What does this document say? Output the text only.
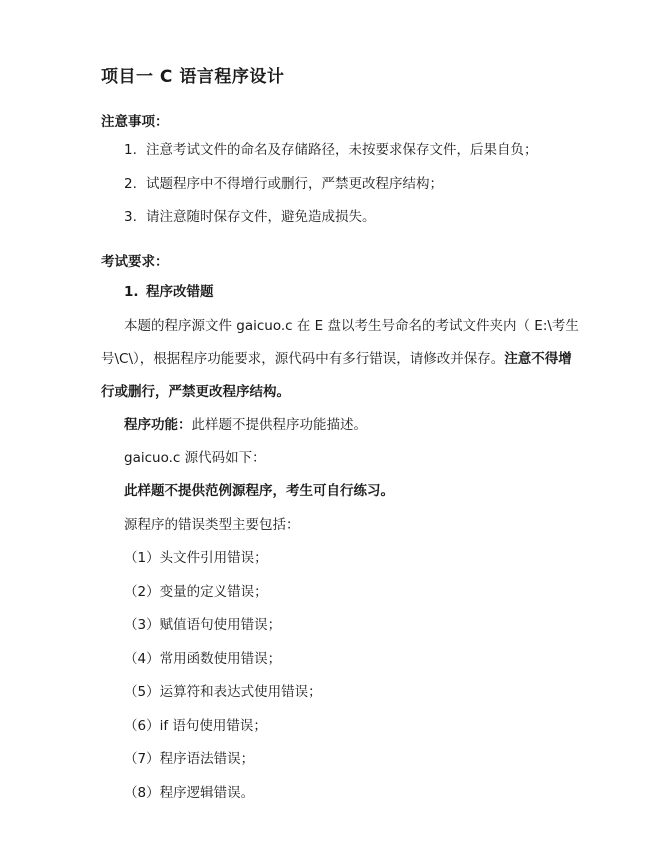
项目一 C 语言程序设计
注意事项：
1. 注意考试文件的命名及存储路径，未按要求保存文件，后果自负；
2. 试题程序中不得增行或删行，严禁更改程序结构；
3. 请注意随时保存文件，避免造成损失。
考试要求：
1. 程序改错题
本题的程序源文件 gaicuo.c 在 E 盘以考生号命名的考试文件夹内（ E:\考生
号\C\），根据程序功能要求，源代码中有多行错误，请修改并保存。注意不得增
行或删行，严禁更改程序结构。
程序功能：此样题不提供程序功能描述。
gaicuo.c 源代码如下：
此样题不提供范例源程序，考生可自行练习。
源程序的错误类型主要包括：
（1）头文件引用错误；
（2）变量的定义错误；
（3）赋值语句使用错误；
（4）常用函数使用错误；
（5）运算符和表达式使用错误；
（6）if 语句使用错误；
（7）程序语法错误；
（8）程序逻辑错误。
